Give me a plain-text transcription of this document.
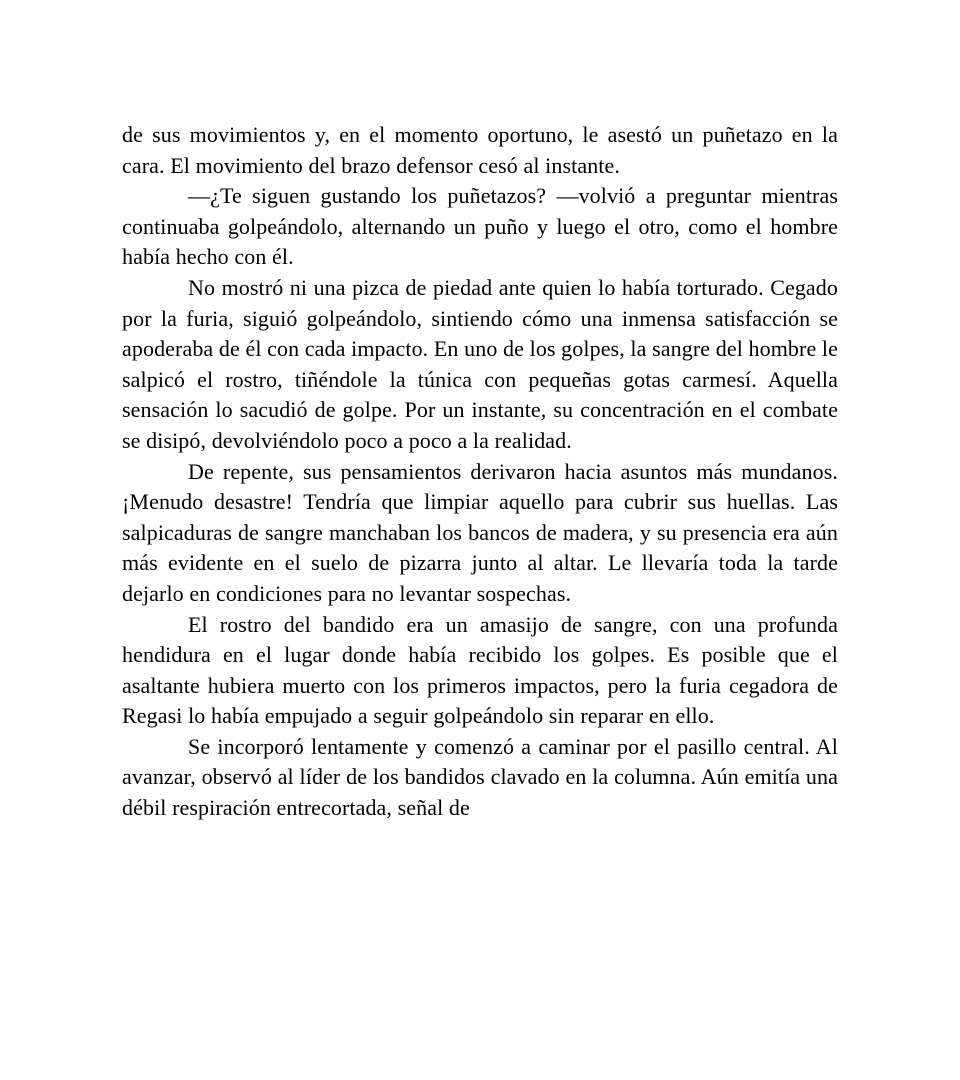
de sus movimientos y, en el momento oportuno, le asestó un puñetazo en la cara. El movimiento del brazo defensor cesó al instante.

—¿Te siguen gustando los puñetazos? —volvió a preguntar mientras continuaba golpeándolo, alternando un puño y luego el otro, como el hombre había hecho con él.

No mostró ni una pizca de piedad ante quien lo había torturado. Cegado por la furia, siguió golpeándolo, sintiendo cómo una inmensa satisfacción se apoderaba de él con cada impacto. En uno de los golpes, la sangre del hombre le salpicó el rostro, tiñéndole la túnica con pequeñas gotas carmesí. Aquella sensación lo sacudió de golpe. Por un instante, su concentración en el combate se disipó, devolviéndolo poco a poco a la realidad.

De repente, sus pensamientos derivaron hacia asuntos más mundanos. ¡Menudo desastre! Tendría que limpiar aquello para cubrir sus huellas. Las salpicaduras de sangre manchaban los bancos de madera, y su presencia era aún más evidente en el suelo de pizarra junto al altar. Le llevaría toda la tarde dejarlo en condiciones para no levantar sospechas.

El rostro del bandido era un amasijo de sangre, con una profunda hendidura en el lugar donde había recibido los golpes. Es posible que el asaltante hubiera muerto con los primeros impactos, pero la furia cegadora de Regasi lo había empujado a seguir golpeándolo sin reparar en ello.

Se incorporó lentamente y comenzó a caminar por el pasillo central. Al avanzar, observó al líder de los bandidos clavado en la columna. Aún emitía una débil respiración entrecortada, señal de
